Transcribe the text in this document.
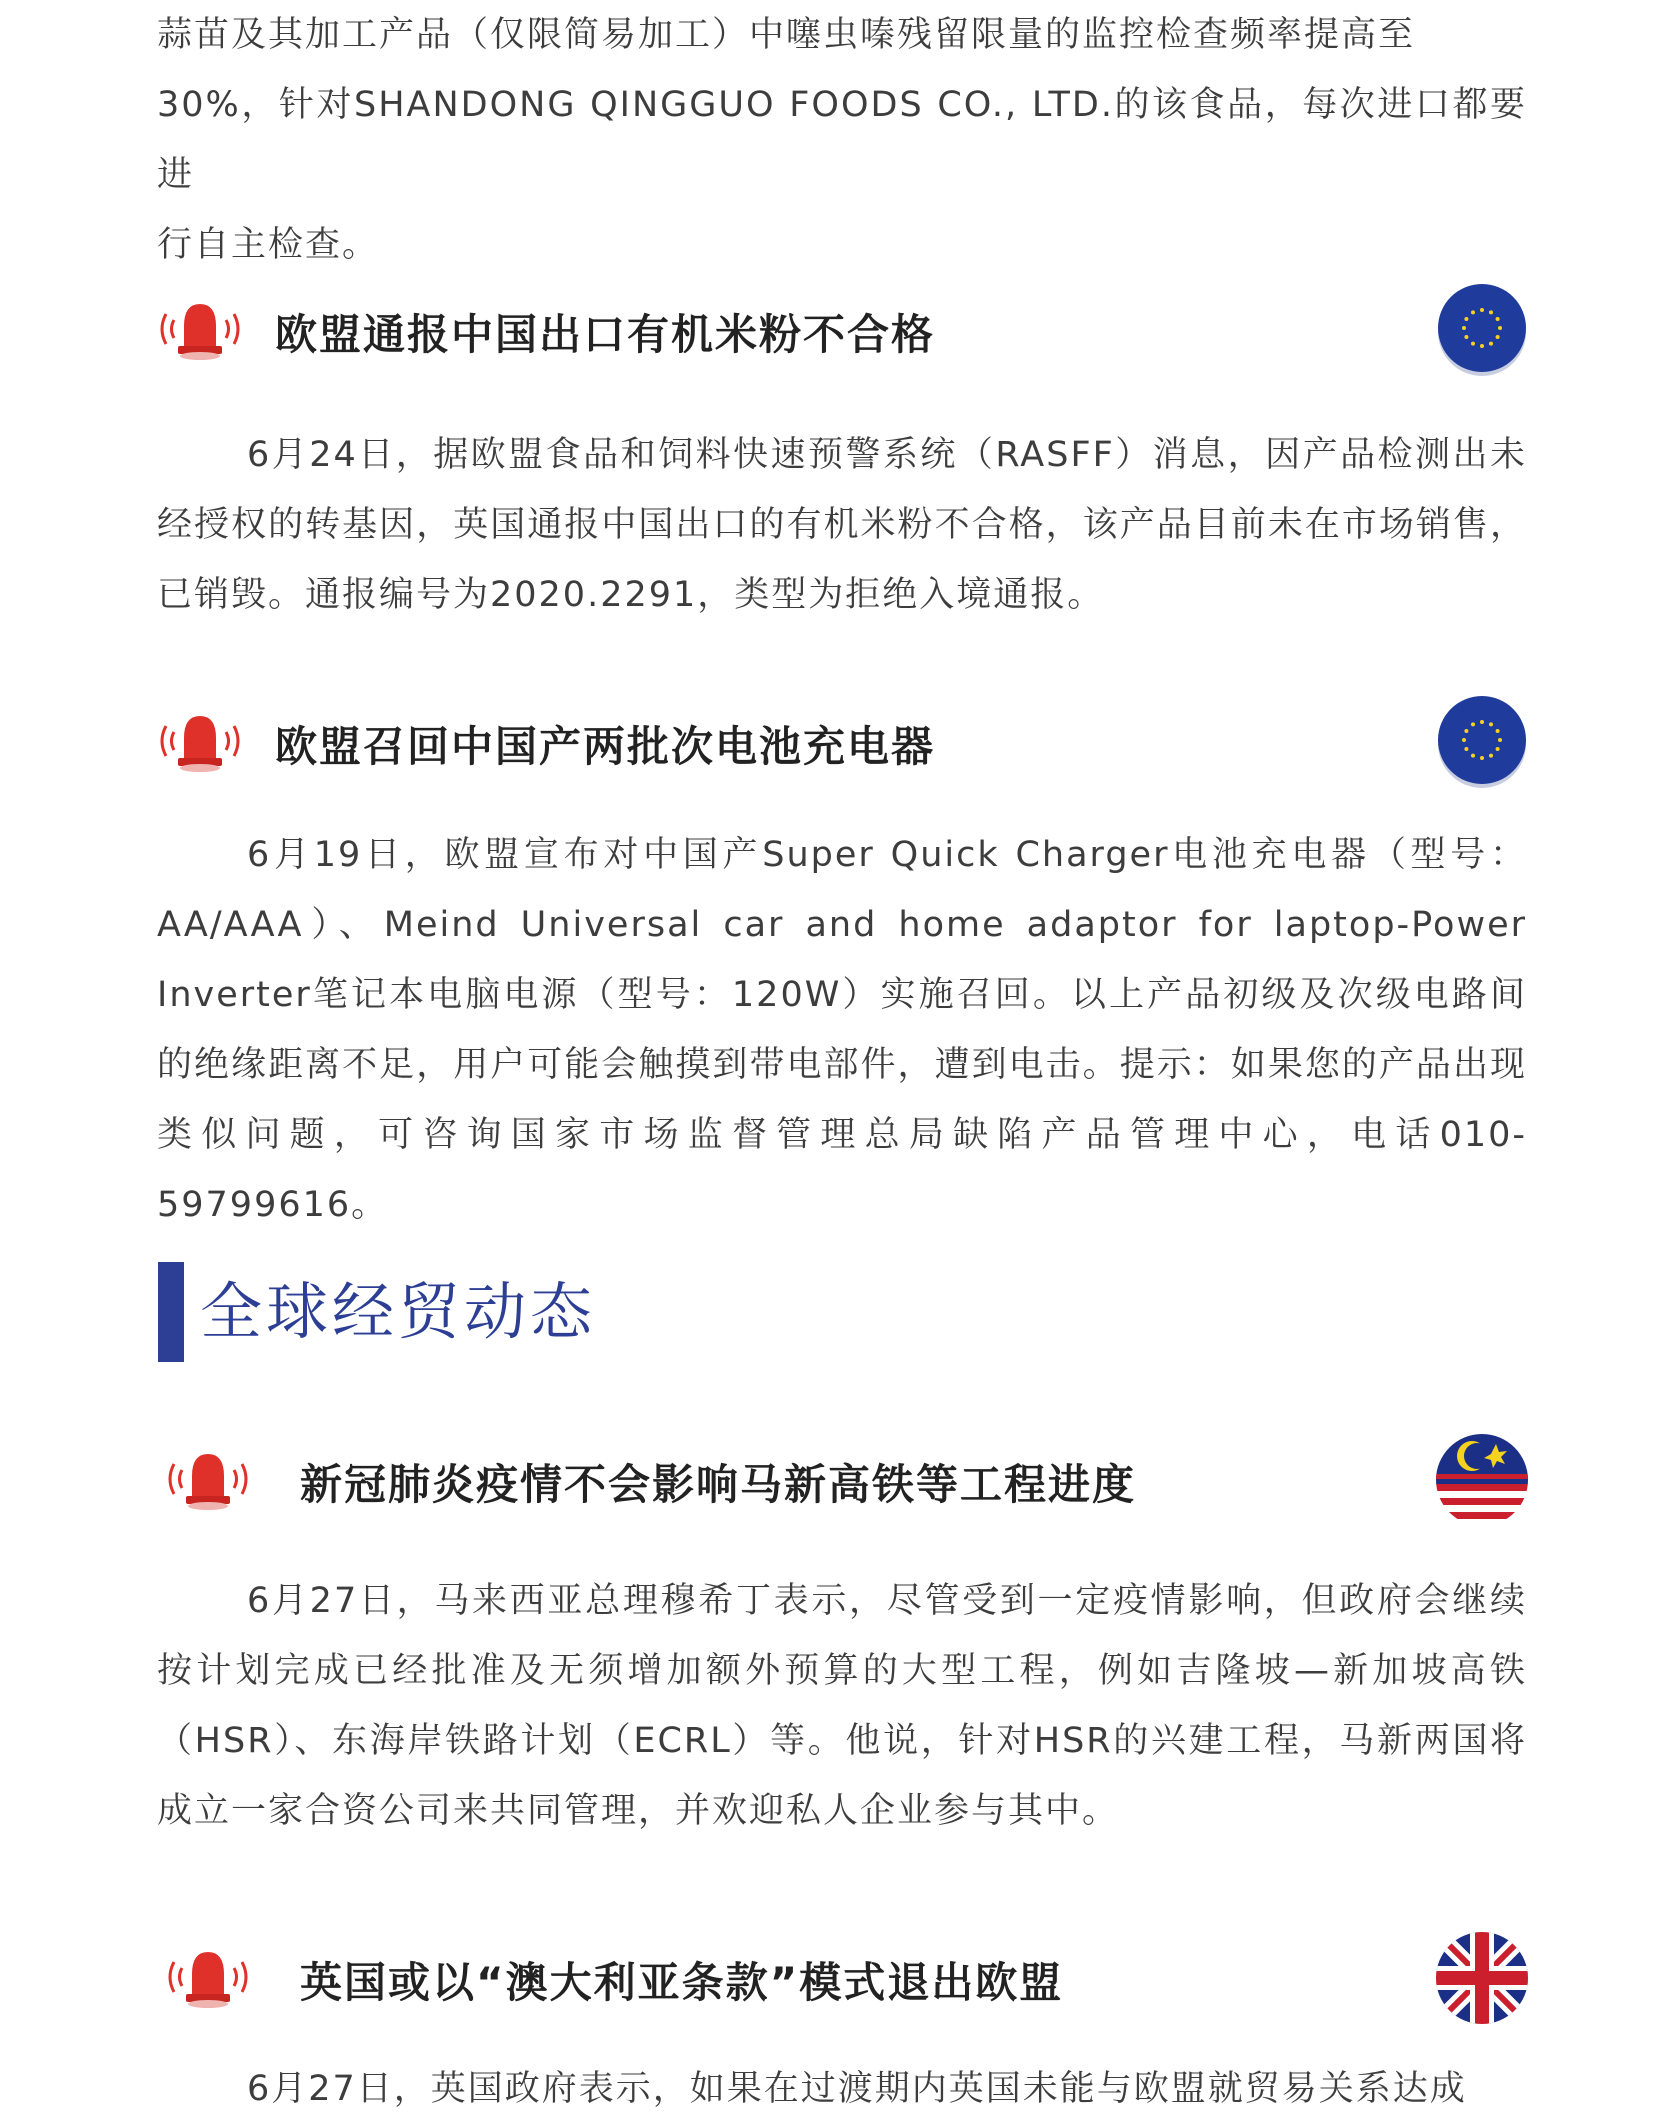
蒜苗及其加工产品（仅限简易加工）中噻虫嗪残留限量的监控检查频率提高至
30%，针对SHANDONG QINGGUO FOODS CO., LTD.的该食品，每次进口都要进
行自主检查。

欧盟通报中国出口有机米粉不合格

6月24日，据欧盟食品和饲料快速预警系统（RASFF）消息，因产品检测出未经授权的转基因，英国通报中国出口的有机米粉不合格，该产品目前未在市场销售，已销毁。通报编号为2020.2291，类型为拒绝入境通报。

欧盟召回中国产两批次电池充电器

6月19日，欧盟宣布对中国产Super Quick Charger电池充电器（型号：AA/AAA）、Meind Universal car and home adaptor for laptop-Power Inverter笔记本电脑电源（型号：120W）实施召回。以上产品初级及次级电路间的绝缘距离不足，用户可能会触摸到带电部件，遭到电击。提示：如果您的产品出现类似问题，可咨询国家市场监督管理总局缺陷产品管理中心，电话010-59799616。

全球经贸动态
新冠肺炎疫情不会影响马新高铁等工程进度

6月27日，马来西亚总理穆希丁表示，尽管受到一定疫情影响，但政府会继续按计划完成已经批准及无须增加额外预算的大型工程，例如吉隆坡—新加坡高铁（HSR）、东海岸铁路计划（ECRL）等。他说，针对HSR的兴建工程，马新两国将成立一家合资公司来共同管理，并欢迎私人企业参与其中。

英国或以“澳大利亚条款”模式退出欧盟

6月27日，英国政府表示，如果在过渡期内英国未能与欧盟就贸易关系达成
